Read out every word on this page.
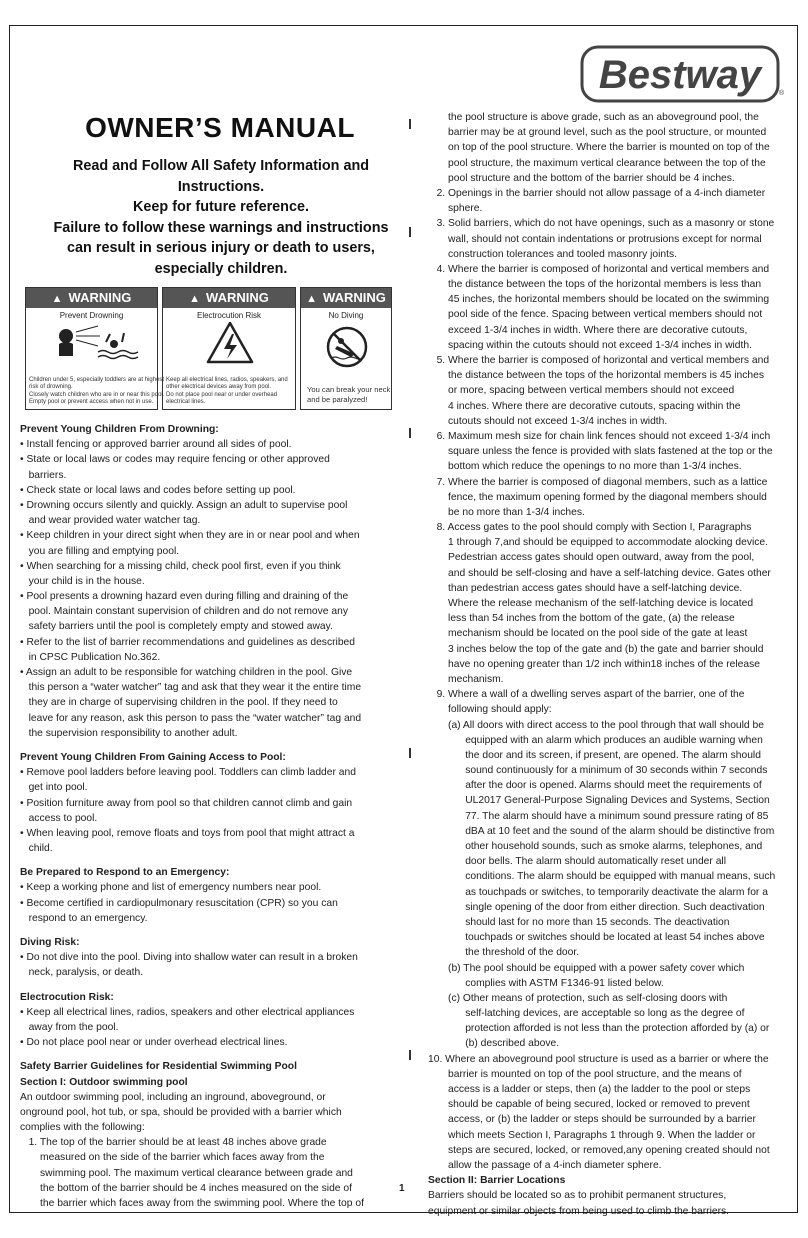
Bestway	®
OWNER’S MANUAL
Read and Follow All Safety Information and
Instructions.
Keep for future reference.
Failure to follow these warnings and instructions
can result in serious injury or death to users,
especially children.
▲ WARNING
Prevent Drowning
Children under 5, especially toddlers are at highest
risk of drowning.
Closely watch children who are in or near this pool.
Empty pool or prevent access when not in use.
▲ WARNING
Electrocution Risk
Keep all electrical lines, radios, speakers, and
other electrical devices away from pool.
Do not place pool near or under overhead
electrical lines.
▲ WARNING
No Diving
You can break your neck
and be paralyzed!
Prevent Young Children From Drowning:
• Install fencing or approved barrier around all sides of pool.
• State or local laws or codes may require fencing or other approved
barriers.
• Check state or local laws and codes before setting up pool.
• Drowning occurs silently and quickly. Assign an adult to supervise pool
and wear provided water watcher tag.
• Keep children in your direct sight when they are in or near pool and when
you are filling and emptying pool.
• When searching for a missing child, check pool first, even if you think
your child is in the house.
• Pool presents a drowning hazard even during filling and draining of the
pool. Maintain constant supervision of children and do not remove any
safety barriers until the pool is completely empty and stowed away.
• Refer to the list of barrier recommendations and guidelines as described
in CPSC Publication No.362.
• Assign an adult to be responsible for watching children in the pool. Give
this person a “water watcher” tag and ask that they wear it the entire time
they are in charge of supervising children in the pool. If they need to
leave for any reason, ask this person to pass the “water watcher” tag and
the supervision responsibility to another adult.
Prevent Young Children From Gaining Access to Pool:
• Remove pool ladders before leaving pool. Toddlers can climb ladder and
get into pool.
• Position furniture away from pool so that children cannot climb and gain
access to pool.
• When leaving pool, remove floats and toys from pool that might attract a
child.
Be Prepared to Respond to an Emergency:
• Keep a working phone and list of emergency numbers near pool.
• Become certified in cardiopulmonary resuscitation (CPR) so you can
respond to an emergency.
Diving Risk:
• Do not dive into the pool. Diving into shallow water can result in a broken
neck, paralysis, or death.
Electrocution Risk:
• Keep all electrical lines, radios, speakers and other electrical appliances
away from the pool.
• Do not place pool near or under overhead electrical lines.
Safety Barrier Guidelines for Residential Swimming Pool
Section I: Outdoor swimming pool
An outdoor swimming pool, including an inground, aboveground, or
onground pool, hot tub, or spa, should be provided with a barrier which
complies with the following:
1. The top of the barrier should be at least 48 inches above grade
measured on the side of the barrier which faces away from the
swimming pool. The maximum vertical clearance between grade and
the bottom of the barrier should be 4 inches measured on the side of
the barrier which faces away from the swimming pool. Where the top of
the pool structure is above grade, such as an aboveground pool, the
barrier may be at ground level, such as the pool structure, or mounted
on top of the pool structure. Where the barrier is mounted on top of the
pool structure, the maximum vertical clearance between the top of the
pool structure and the bottom of the barrier should be 4 inches.
2. Openings in the barrier should not allow passage of a 4-inch diameter
sphere.
3. Solid barriers, which do not have openings, such as a masonry or stone
wall, should not contain indentations or protrusions except for normal
construction tolerances and tooled masonry joints.
4. Where the barrier is composed of horizontal and vertical members and
the distance between the tops of the horizontal members is less than
45 inches, the horizontal members should be located on the swimming
pool side of the fence. Spacing between vertical members should not
exceed 1-3/4 inches in width. Where there are decorative cutouts,
spacing within the cutouts should not exceed 1-3/4 inches in width.
5. Where the barrier is composed of horizontal and vertical members and
the distance between the tops of the horizontal members is 45 inches
or more, spacing between vertical members should not exceed
4 inches. Where there are decorative cutouts, spacing within the
cutouts should not exceed 1-3/4 inches in width.
6. Maximum mesh size for chain link fences should not exceed 1-3/4 inch
square unless the fence is provided with slats fastened at the top or the
bottom which reduce the openings to no more than 1-3/4 inches.
7. Where the barrier is composed of diagonal members, such as a lattice
fence, the maximum opening formed by the diagonal members should
be no more than 1-3/4 inches.
8. Access gates to the pool should comply with Section I, Paragraphs
1 through 7,and should be equipped to accommodate alocking device.
Pedestrian access gates should open outward, away from the pool,
and should be self-closing and have a self-latching device. Gates other
than pedestrian access gates should have a self-latching device.
Where the release mechanism of the self-latching device is located
less than 54 inches from the bottom of the gate, (a) the release
mechanism should be located on the pool side of the gate at least
3 inches below the top of the gate and (b) the gate and barrier should
have no opening greater than 1/2 inch within18 inches of the release
mechanism.
9. Where a wall of a dwelling serves aspart of the barrier, one of the
following should apply:
(a) All doors with direct access to the pool through that wall should be
equipped with an alarm which produces an audible warning when
the door and its screen, if present, are opened. The alarm should
sound continuously for a minimum of 30 seconds within 7 seconds
after the door is opened. Alarms should meet the requirements of
UL2017 General-Purpose Signaling Devices and Systems, Section
77. The alarm should have a minimum sound pressure rating of 85
dBA at 10 feet and the sound of the alarm should be distinctive from
other household sounds, such as smoke alarms, telephones, and
door bells. The alarm should automatically reset under all
conditions. The alarm should be equipped with manual means, such
as touchpads or switches, to temporarily deactivate the alarm for a
single opening of the door from either direction. Such deactivation
should last for no more than 15 seconds. The deactivation
touchpads or switches should be located at least 54 inches above
the threshold of the door.
(b) The pool should be equipped with a power safety cover which
complies with ASTM F1346-91 listed below.
(c) Other means of protection, such as self-closing doors with
self-latching devices, are acceptable so long as the degree of
protection afforded is not less than the protection afforded by (a) or
(b) described above.
10. Where an aboveground pool structure is used as a barrier or where the
barrier is mounted on top of the pool structure, and the means of
access is a ladder or steps, then (a) the ladder to the pool or steps
should be capable of being secured, locked or removed to prevent
access, or (b) the ladder or steps should be surrounded by a barrier
which meets Section I, Paragraphs 1 through 9. When the ladder or
steps are secured, locked, or removed,any opening created should not
allow the passage of a 4-inch diameter sphere.
Section II: Barrier Locations
Barriers should be located so as to prohibit permanent structures,
equipment or similar objects from being used to climb the barriers.
1
